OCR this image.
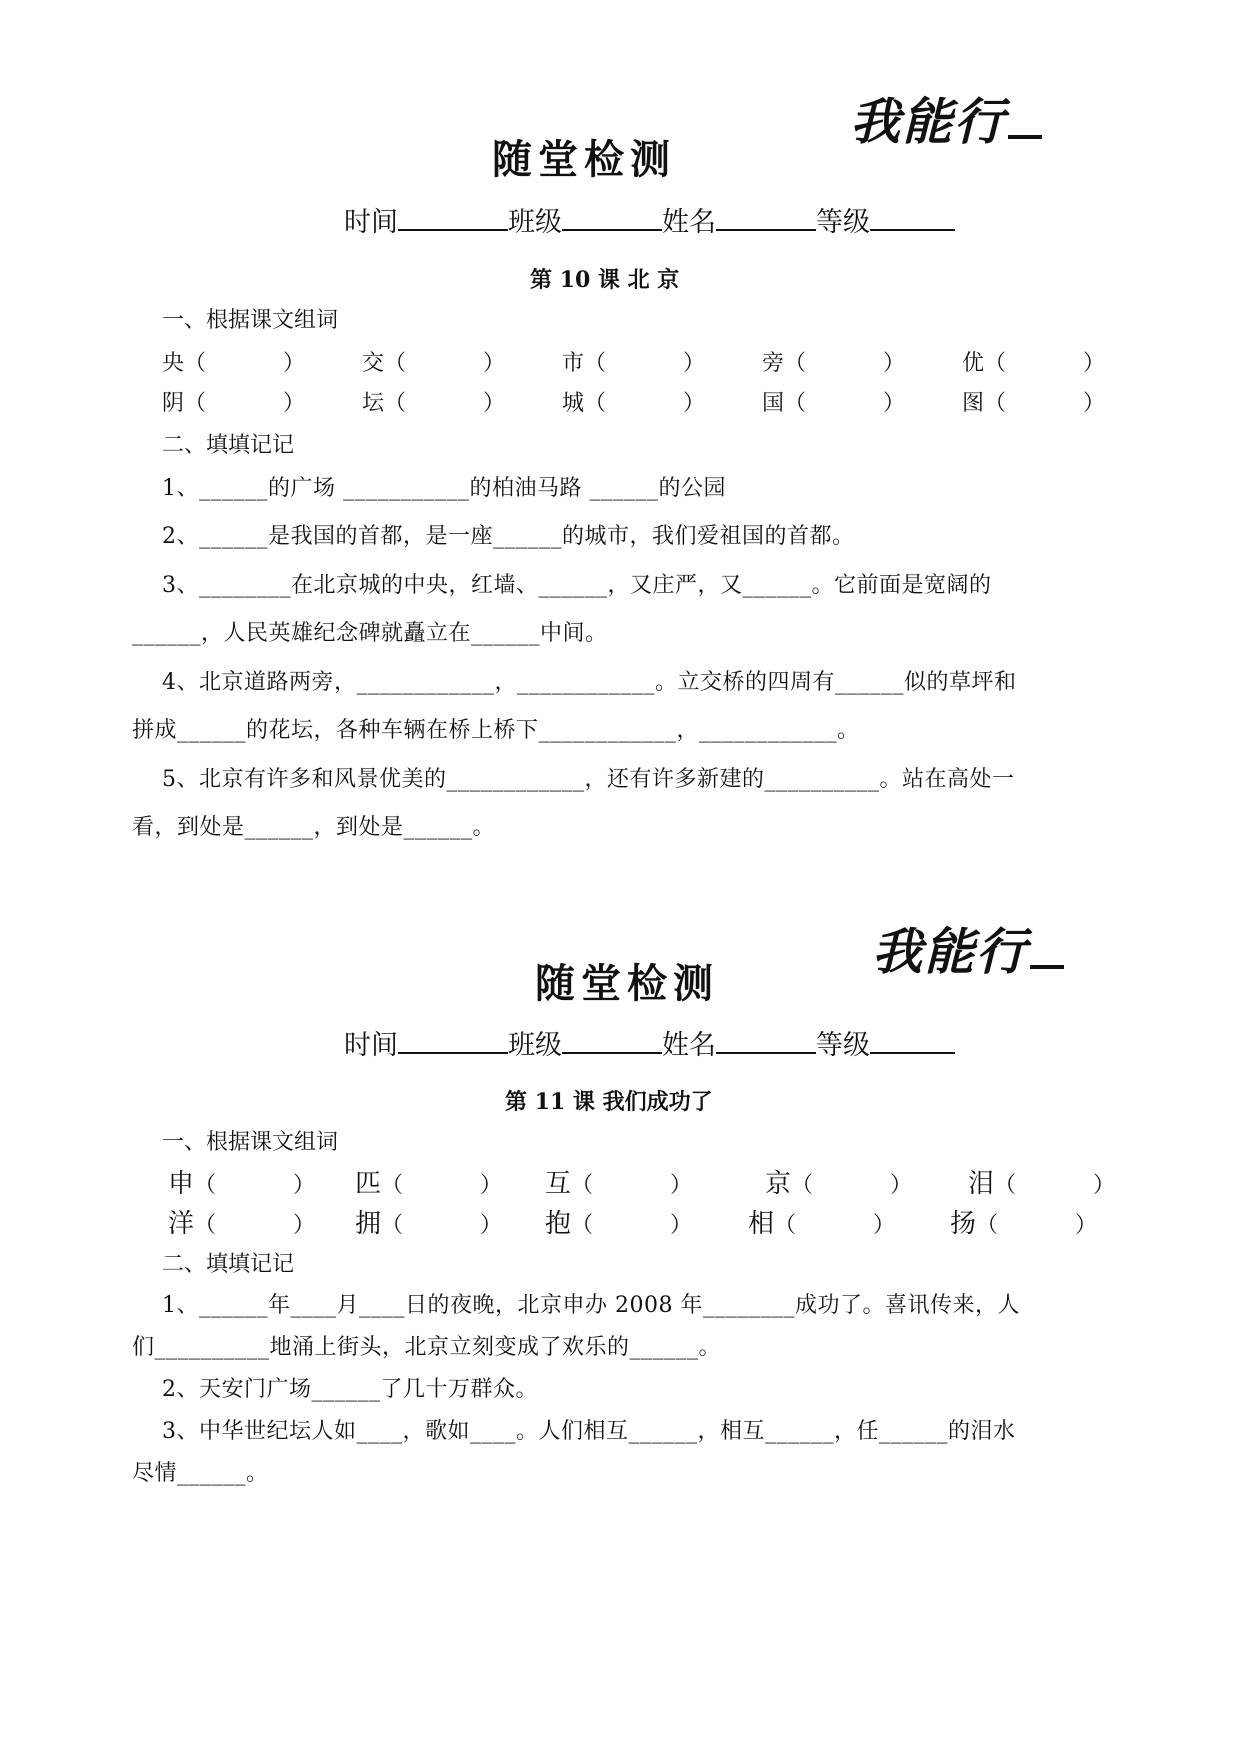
我能行
随堂检测
时间	班级	姓名	等级
第 10 课 北 京
一、根据课文组词
央（    ）	交（    ）	市（    ）	旁（    ）	优（    ）
阴（    ）	坛（    ）	城（    ）	国（    ）	图（    ）
二、填填记记
1、______的广场 ___________的柏油马路 ______的公园
2、______是我国的首都，是一座______的城市，我们爱祖国的首都。
3、________在北京城的中央，红墙、______，又庄严，又______。它前面是宽阔的
______，人民英雄纪念碑就矗立在______中间。
4、北京道路两旁，____________，____________。立交桥的四周有______似的草坪和
拼成______的花坛，各种车辆在桥上桥下____________，____________。
5、北京有许多和风景优美的____________，还有许多新建的__________。站在高处一
看，到处是______，到处是______。
我能行
随堂检测
时间	班级	姓名	等级
第 11 课 我们成功了
一、根据课文组词
申（    ） 匹（    ） 互（    ）	京（    ） 泪（    ）
洋（    ） 拥（    ） 抱（    ） 相（    ） 扬（    ）
二、填填记记
1、______年____月____日的夜晚，北京申办 2008 年________成功了。喜讯传来，人
们__________地涌上街头，北京立刻变成了欢乐的______。
2、天安门广场______了几十万群众。
3、中华世纪坛人如____，歌如____。人们相互______，相互______，任______的泪水
尽情______。
